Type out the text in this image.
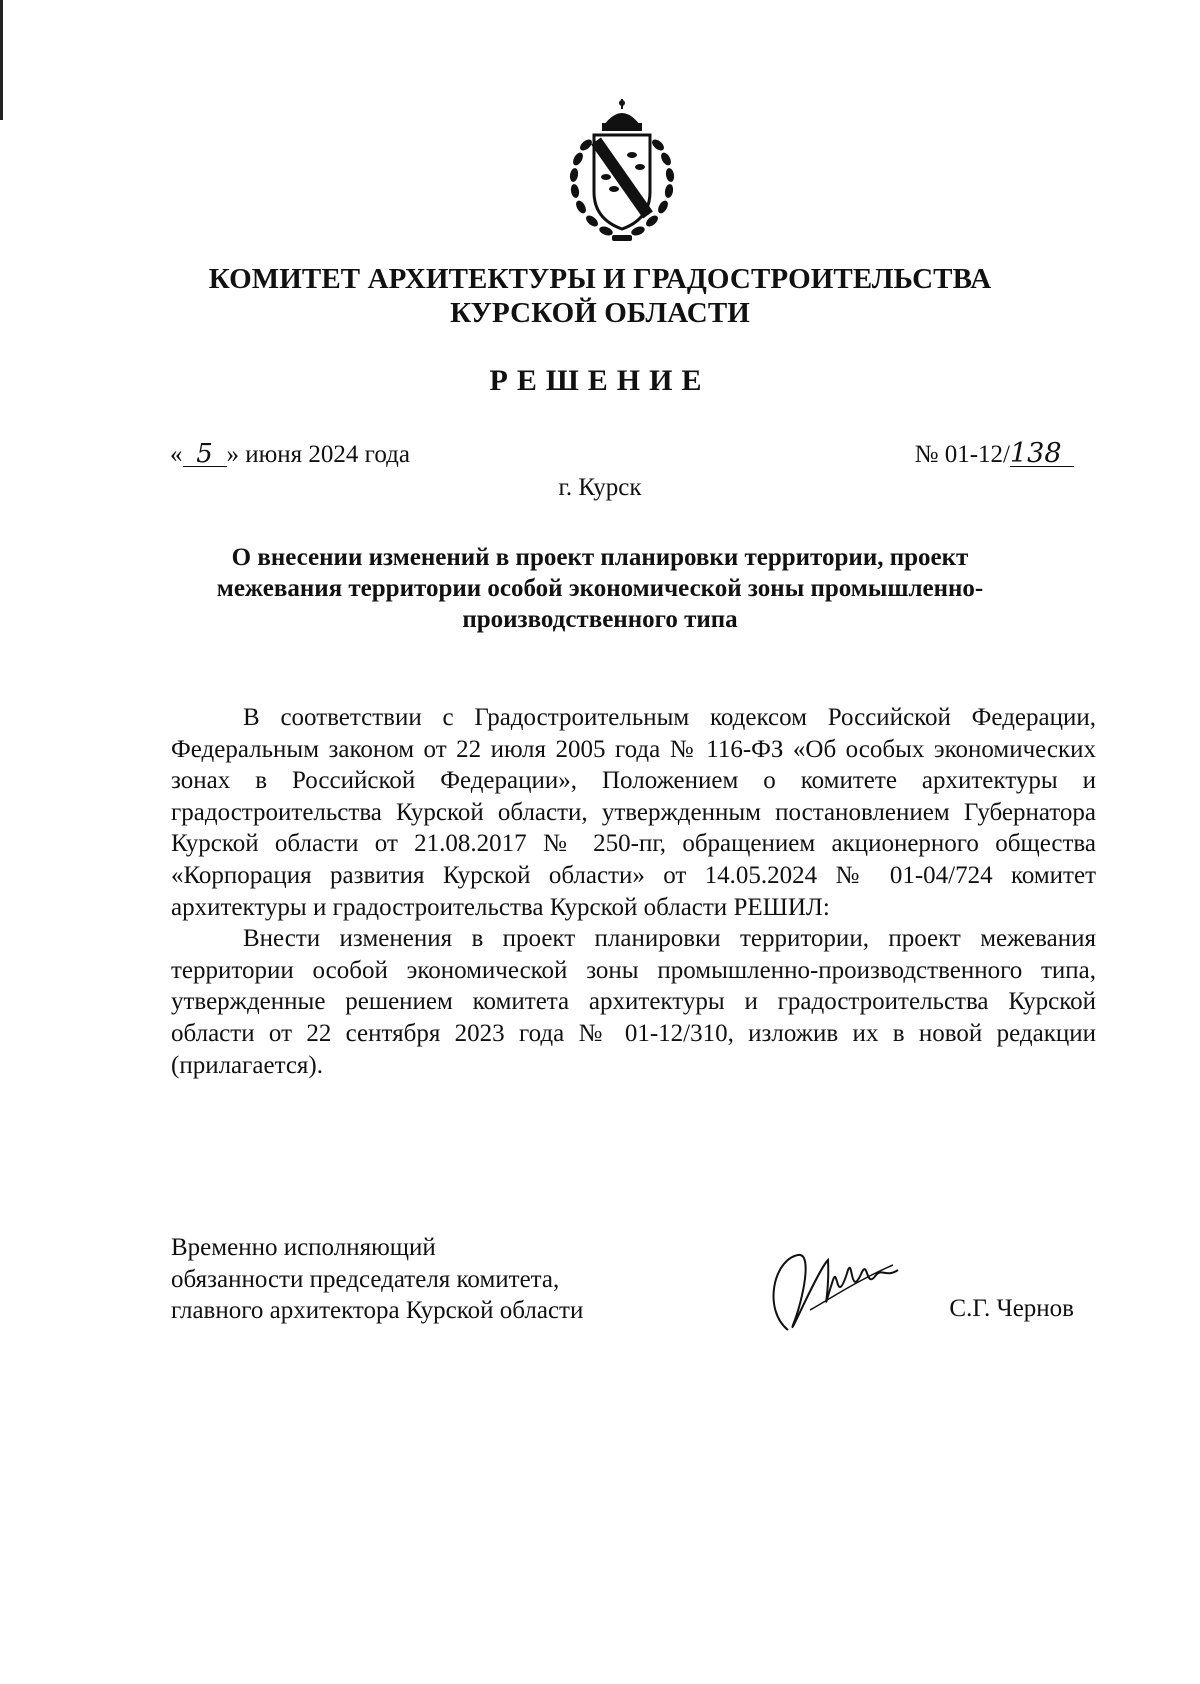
КОМИТЕТ АРХИТЕКТУРЫ И ГРАДОСТРОИТЕЛЬСТВА
КУРСКОЙ ОБЛАСТИ
РЕШЕНИЕ
« 5 » июня 2024 года	№ 01-12/138
г. Курск
О внесении изменений в проект планировки территории, проект
межевания территории особой экономической зоны промышленно-
производственного типа

В соответствии с Градостроительным кодексом Российской Федерации, Федеральным законом от 22 июля 2005 года № 116-ФЗ «Об особых экономических зонах в Российской Федерации», Положением о комитете архитектуры и градостроительства Курской области, утвержденным постановлением Губернатора Курской области от 21.08.2017 № 250-пг, обращением акционерного общества «Корпорация развития Курской области» от 14.05.2024 № 01-04/724 комитет архитектуры и градостроительства Курской области РЕШИЛ:

Внести изменения в проект планировки территории, проект межевания территории особой экономической зоны промышленно-производственного типа, утвержденные решением комитета архитектуры и градостроительства Курской области от 22 сентября 2023 года № 01-12/310, изложив их в новой редакции (прилагается).

Временно исполняющий
обязанности председателя комитета,
главного архитектора Курской области	С.Г. Чернов
